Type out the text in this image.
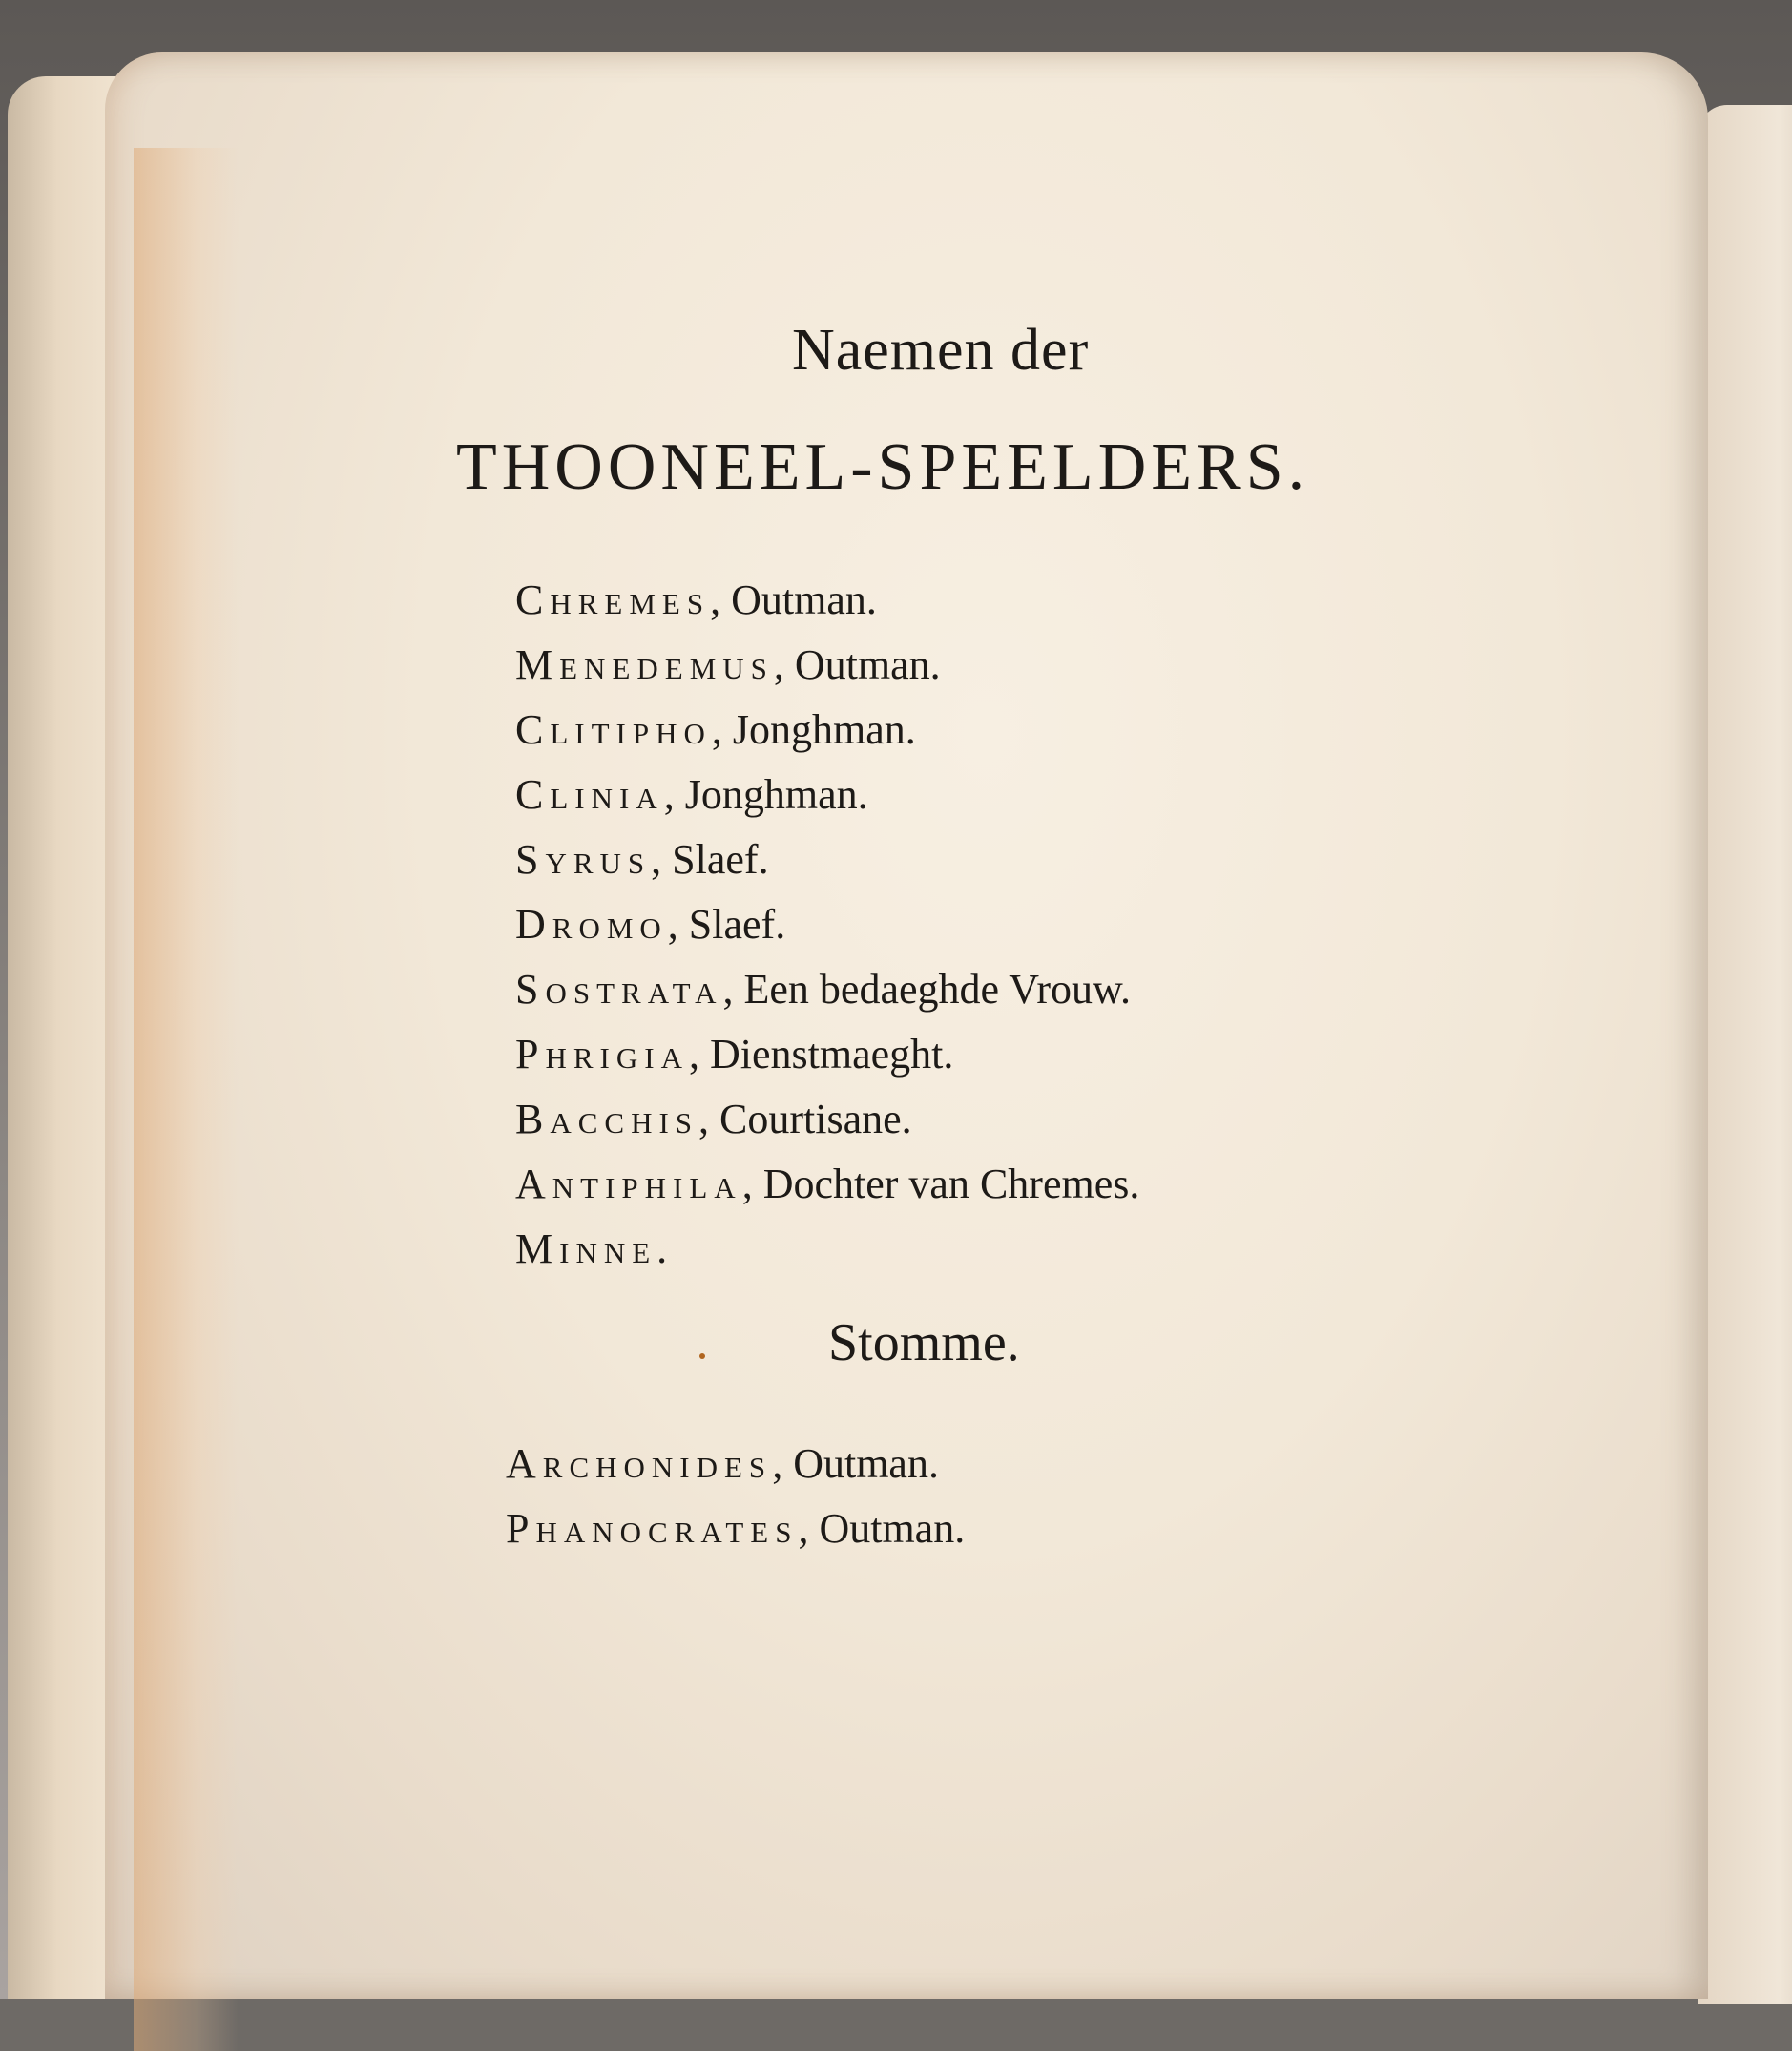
Naemen der
THOONEEL-SPEELDERS.
Chremes, Outman.
Menedemus, Outman.
Clitipho, Jonghman.
Clinia, Jonghman.
Syrus, Slaef.
Dromo, Slaef.
Sostrata, Een bedaeghde Vrouw.
Phrigia, Dienstmaeght.
Bacchis, Courtisane.
Antiphila, Dochter van Chremes.
Minne.
Stomme.
Archonides, Outman.
Phanocrates, Outman.
